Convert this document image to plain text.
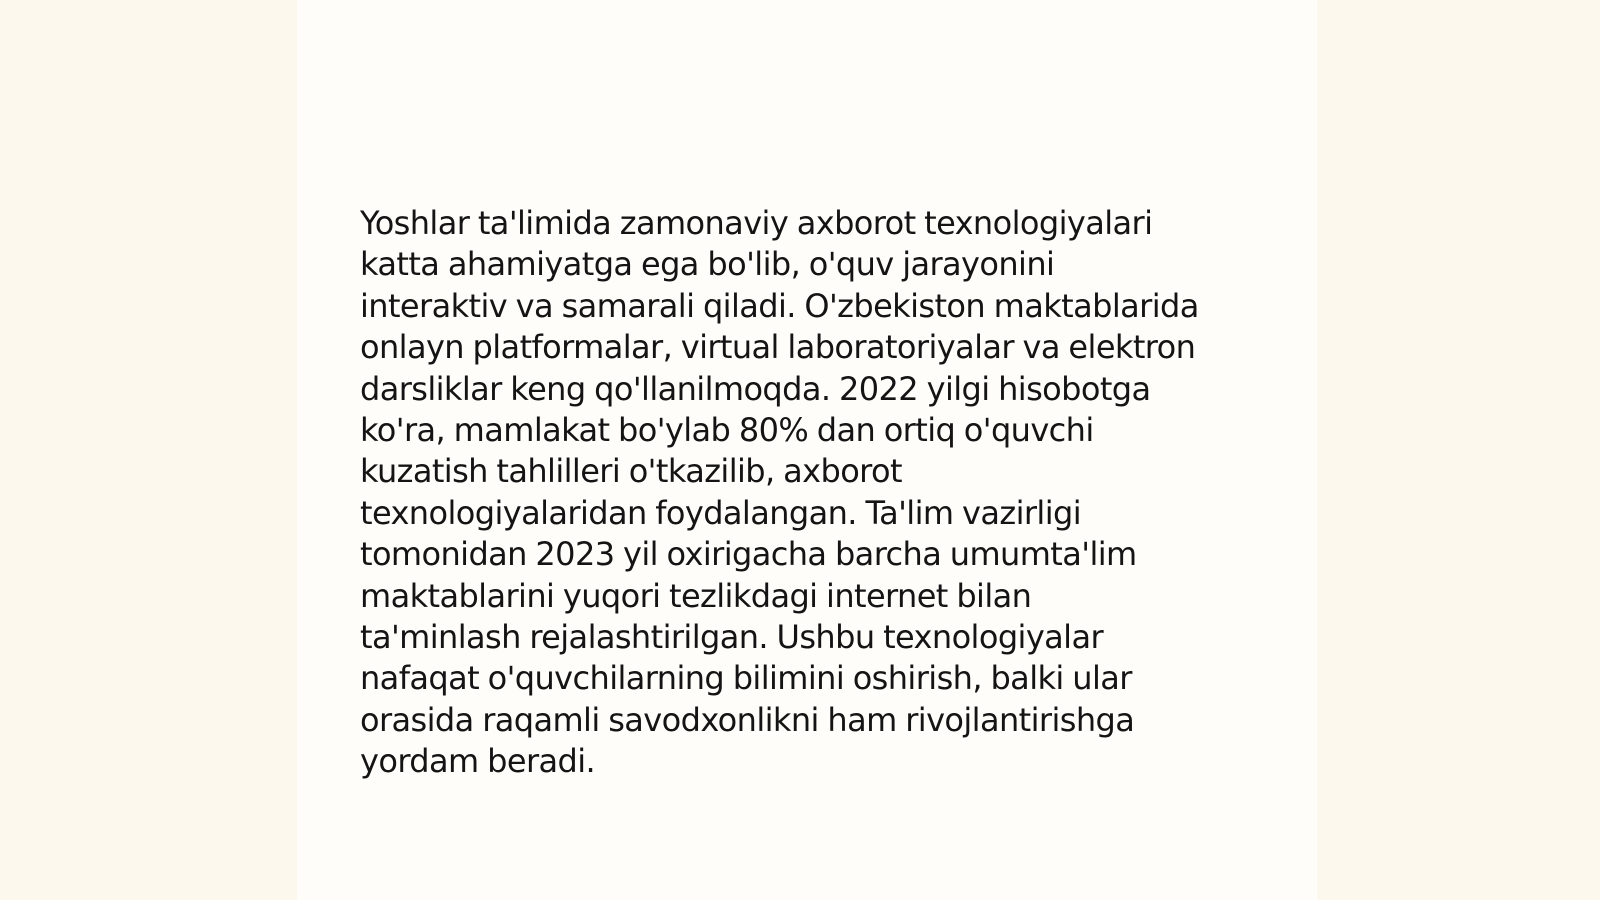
Yoshlar ta'limida zamonaviy axborot texnologiyalari
katta ahamiyatga ega bo'lib, o'quv jarayonini
interaktiv va samarali qiladi. O'zbekiston maktablarida
onlayn platformalar, virtual laboratoriyalar va elektron
darsliklar keng qo'llanilmoqda. 2022 yilgi hisobotga
ko'ra, mamlakat bo'ylab 80% dan ortiq o'quvchi
kuzatish tahlilleri o'tkazilib, axborot
texnologiyalaridan foydalangan. Ta'lim vazirligi
tomonidan 2023 yil oxirigacha barcha umumta'lim
maktablarini yuqori tezlikdagi internet bilan
ta'minlash rejalashtirilgan. Ushbu texnologiyalar
nafaqat o'quvchilarning bilimini oshirish, balki ular
orasida raqamli savodxonlikni ham rivojlantirishga
yordam beradi.
